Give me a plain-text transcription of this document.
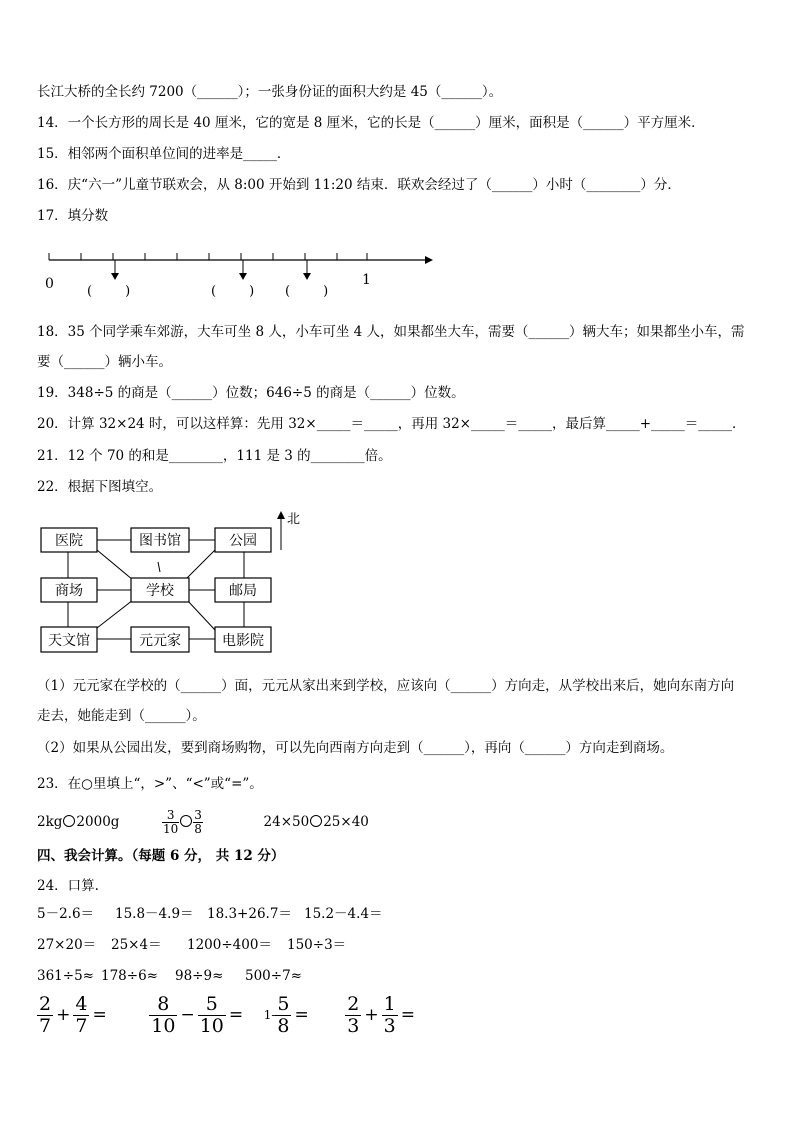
长江大桥的全长约 7200（______）；一张身份证的面积大约是 45（______）。
14．一个长方形的周长是 40 厘米，它的宽是 8 厘米，它的长是（______）厘米，面积是（______）平方厘米．
15．相邻两个面积单位间的进率是_____．
16．庆“六一”儿童节联欢会，从 8:00 开始到 11:20 结束．联欢会经过了（______）小时（________）分．
17．填分数
0	1
(        )	(        ) (        )
18．35 个同学乘车郊游，大车可坐 8 人，小车可坐 4 人，如果都坐大车，需要（______）辆大车；如果都坐小车，需
要（______）辆小车。
19．348÷5 的商是（______）位数；646÷5 的商是（______）位数。
20．计算 32×24 时，可以这样算：先用 32×_____＝_____，再用 32×_____＝_____，最后算_____+_____＝_____．
21．12 个 70 的和是________，111 是 3 的________倍。
22．根据下图填空。
北
医院	图书馆	公园
商场	学校	邮局
天文馆	元元家	电影院
（1）元元家在学校的（______）面，元元从家出来到学校，应该向（______）方向走，从学校出来后，她向东南方向
走去，她能走到（______）。
（2）如果从公园出发，要到商场购物，可以先向西南方向走到（______），再向（______）方向走到商场。
23．在○里填上“，>”、“<”或“=”。
2kg 2000g	$\frac{3}{10} \frac{3}{8}$	24×50 25×40
四、我会计算。（每题 6 分， 共 12 分）
24．口算.
5－2.6＝ 15.8－4.9＝ 18.3+26.7＝ 15.2－4.4＝
27×20＝ 25×4＝ 1200÷400＝ 150÷3＝
361÷5≈ 178÷6≈ 98÷9≈ 500÷7≈
$\frac{2}{7} + \frac{4}{7} = \frac{8}{10} - \frac{5}{10} = 1- \frac{5}{8} = \frac{2}{3} + \frac{1}{3}$ =
